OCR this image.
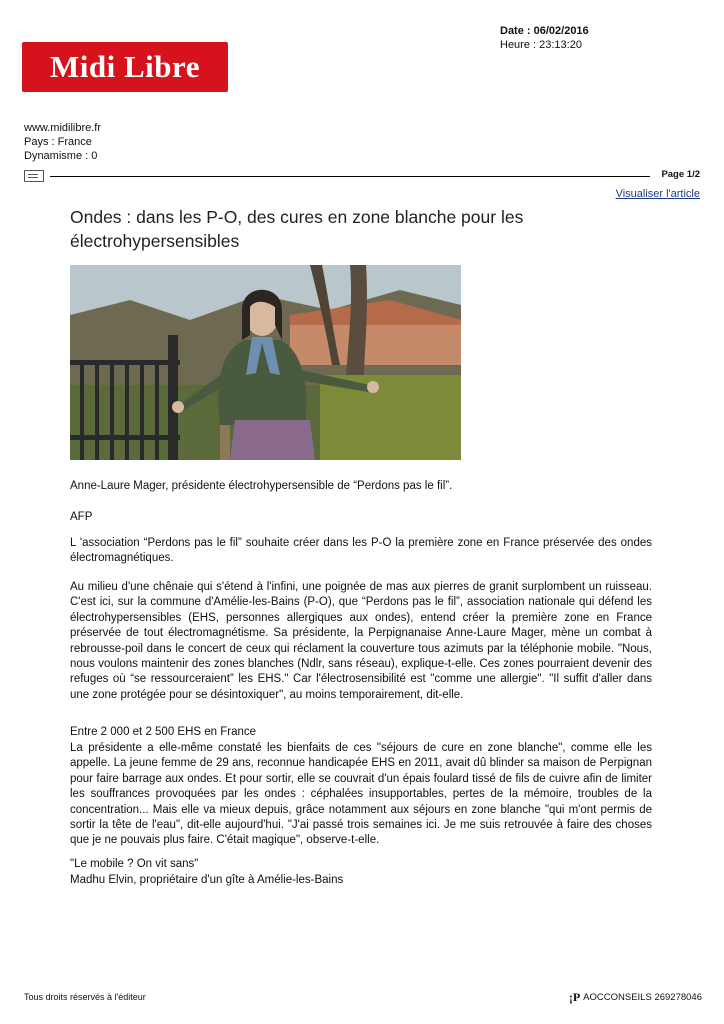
Midi Libre
Date : 06/02/2016
Heure : 23:13:20
www.midilibre.fr
Pays : France
Dynamisme : 0
Page 1/2
Visualiser l'article
Ondes : dans les P-O, des cures en zone blanche pour les électrohypersensibles
Anne-Laure Mager, présidente électrohypersensible de “Perdons pas le fil”.
AFP
L 'association “Perdons pas le fil” souhaite créer dans les P-O la première zone en France préservée des ondes électromagnétiques.
Au milieu d'une chênaie qui s'étend à l'infini, une poignée de mas aux pierres de granit surplombent un ruisseau. C'est ici, sur la commune d'Amélie-les-Bains (P-O), que “Perdons pas le fil”, association nationale qui défend les électrohypersensibles (EHS, personnes allergiques aux ondes), entend créer la première zone en France préservée de tout électromagnétisme. Sa présidente, la Perpignanaise Anne-Laure Mager, mène un combat à rebrousse-poil dans le concert de ceux qui réclament la couverture tous azimuts par la téléphonie mobile. "Nous, nous voulons maintenir des zones blanches (Ndlr, sans réseau), explique-t-elle. Ces zones pourraient devenir des refuges où “se ressourceraient” les EHS." Car l'électrosensibilité est "comme une allergie". "Il suffit d'aller dans une zone protégée pour se désintoxiquer", au moins temporairement, dit-elle.
Entre 2 000 et 2 500 EHS en France
La présidente a elle-même constaté les bienfaits de ces "séjours de cure en zone blanche", comme elle les appelle. La jeune femme de 29 ans, reconnue handicapée EHS en 2011, avait dû blinder sa maison de Perpignan pour faire barrage aux ondes. Et pour sortir, elle se couvrait d'un épais foulard tissé de fils de cuivre afin de limiter les souffrances provoquées par les ondes : céphalées insupportables, pertes de la mémoire, troubles de la concentration... Mais elle va mieux depuis, grâce notamment aux séjours en zone blanche "qui m'ont permis de sortir la tête de l'eau", dit-elle aujourd'hui. "J'ai passé trois semaines ici. Je me suis retrouvée à faire des choses que je ne pouvais plus faire. C'était magique", observe-t-elle.
"Le mobile ? On vit sans"
Madhu Elvin, propriétaire d'un gîte à Amélie-les-Bains
Tous droits réservés à l'éditeur	¡P AOCCONSEILS 269278046
